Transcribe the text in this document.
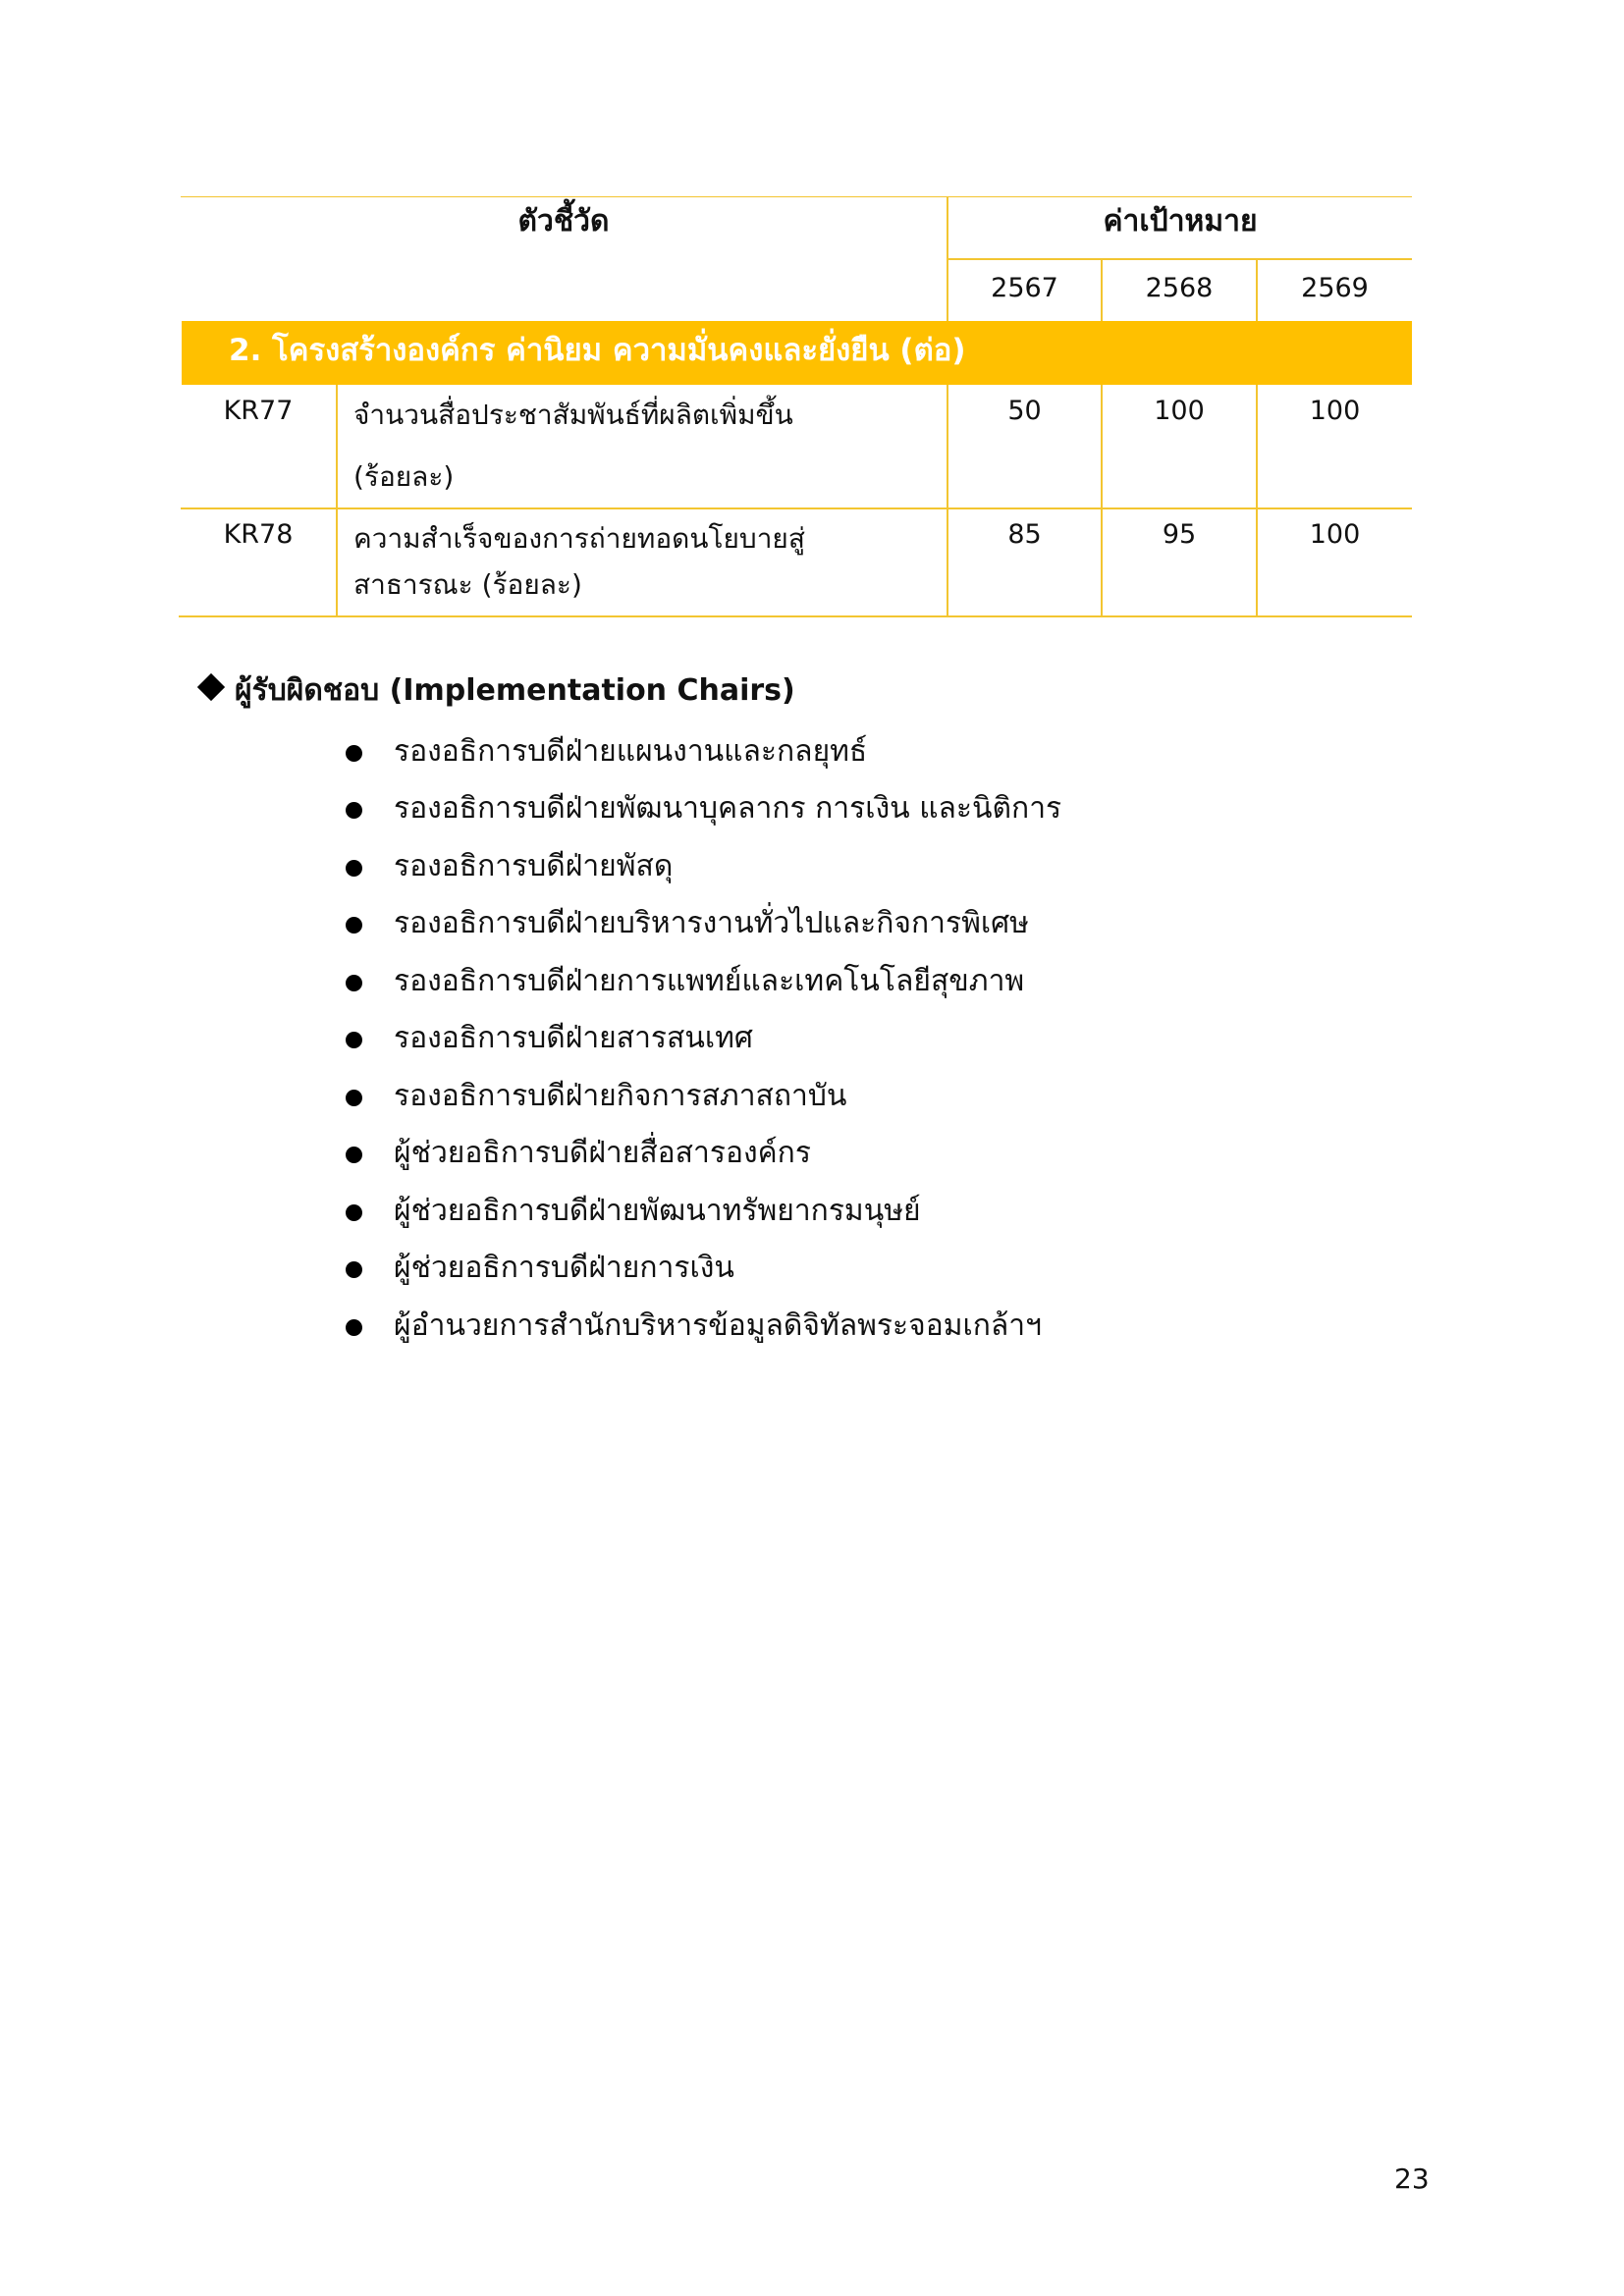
ตัวชี้วัด	ค่าเป้าหมาย
2567	2568	2569
2. โครงสร้างองค์กร ค่านิยม ความมั่นคงและยั่งยืน (ต่อ)
KR77	จำนวนสื่อประชาสัมพันธ์ที่ผลิตเพิ่มขึ้น
(ร้อยละ)
50	100	100
KR78	ความสำเร็จของการถ่ายทอดนโยบายสู่
สาธารณะ (ร้อยละ)
85	95	100
ผู้รับผิดชอบ (Implementation Chairs)
รองอธิการบดีฝ่ายแผนงานและกลยุทธ์
รองอธิการบดีฝ่ายพัฒนาบุคลากร การเงิน และนิติการ
รองอธิการบดีฝ่ายพัสดุ
รองอธิการบดีฝ่ายบริหารงานทั่วไปและกิจการพิเศษ
รองอธิการบดีฝ่ายการแพทย์และเทคโนโลยีสุขภาพ
รองอธิการบดีฝ่ายสารสนเทศ
รองอธิการบดีฝ่ายกิจการสภาสถาบัน
ผู้ช่วยอธิการบดีฝ่ายสื่อสารองค์กร
ผู้ช่วยอธิการบดีฝ่ายพัฒนาทรัพยากรมนุษย์
ผู้ช่วยอธิการบดีฝ่ายการเงิน
ผู้อำนวยการสำนักบริหารข้อมูลดิจิทัลพระจอมเกล้าฯ
23
